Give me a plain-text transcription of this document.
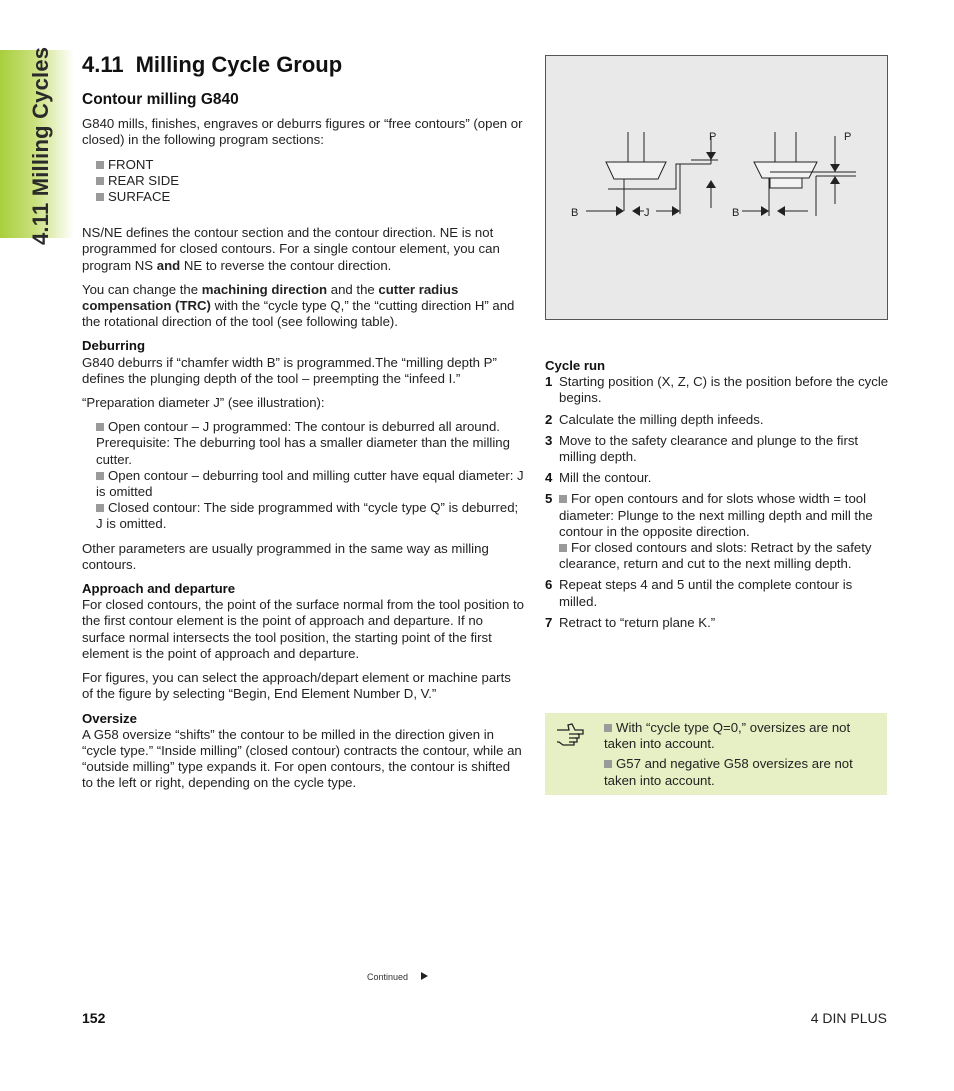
4.11 Milling Cycles 4.11 Milling Cycle Group
Contour milling G840

G840 mills, finishes, engraves or deburrs figures or “free contours” (open or closed) in the following program sections:

FRONT
REAR SIDE
SURFACE

NS/NE defines the contour section and the contour direction. NE is not programmed for closed contours. For a single contour element, you can program NS and NE to reverse the contour direction.

You can change the machining direction and the cutter radius compensation (TRC) with the “cycle type Q,” the “cutting direction H” and the rotational direction of the tool (see following table).

Deburring

G840 deburrs if “chamfer width B” is programmed.The “milling depth P” defines the plunging depth of the tool – preempting the “infeed I.”

“Preparation diameter J” (see illustration):

Open contour – J programmed: The contour is deburred all around. Prerequisite: The deburring tool has a smaller diameter than the milling cutter.
Open contour – deburring tool and milling cutter have equal diameter: J is omitted
Closed contour: The side programmed with “cycle type Q” is deburred; J is omitted.

Other parameters are usually programmed in the same way as milling contours.

Approach and departure

For closed contours, the point of the surface normal from the tool position to the first contour element is the point of approach and departure. If no surface normal intersects the tool position, the starting point of the first element is the point of approach and departure.

For figures, you can select the approach/depart element or machine parts of the figure by selecting “Begin, End Element Number D, V.”

Oversize

A G58 oversize “shifts” the contour to be milled in the direction given in “cycle type.” “Inside milling” (closed contour) contracts the contour, while an “outside milling” type expands it. For open contours, the contour is shifted to the left or right, depending on the cycle type.

P	P
B	J	B
Cycle run
1 Starting position (X, Z, C) is the position before the cycle begins.
2 Calculate the milling depth infeeds.
3 Move to the safety clearance and plunge to the first milling depth.
4 Mill the contour.
5	For open contours and for slots whose width = tool diameter: Plunge to the next milling depth and mill the contour in the opposite direction.
For closed contours and slots: Retract by the safety clearance, return and cut to the next milling depth.
6 Repeat steps 4 and 5 until the complete contour is milled.
7 Retract to “return plane K.”

With “cycle type Q=0,” oversizes are not taken into account.

G57 and negative G58 oversizes are not taken into account.

Continued
152	4 DIN PLUS
